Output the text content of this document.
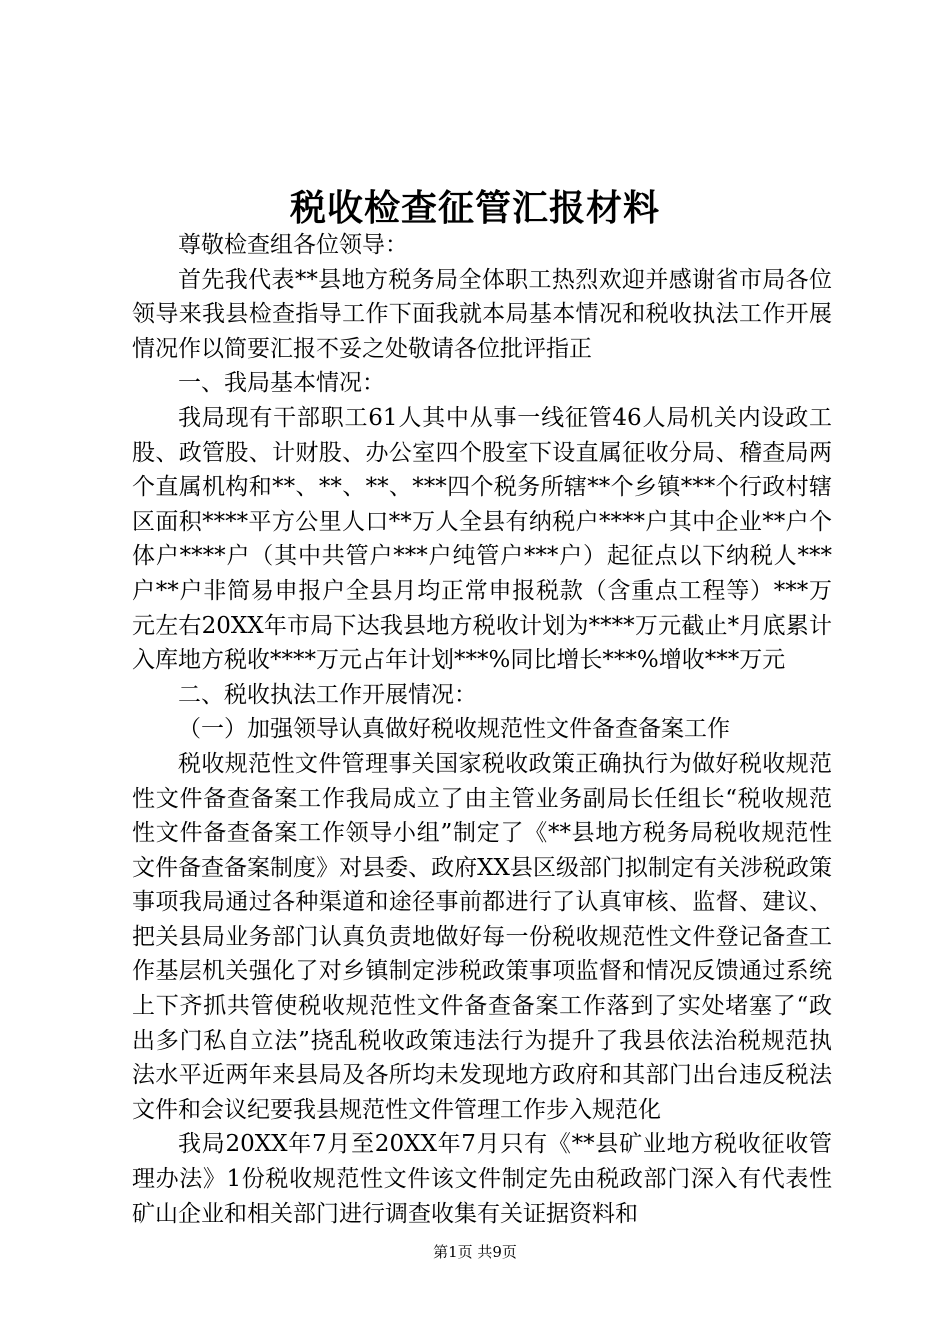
税收检查征管汇报材料

尊敬检查组各位领导：

首先我代表**县地方税务局全体职工热烈欢迎并感谢省市局各位领导来我县检查指导工作下面我就本局基本情况和税收执法工作开展情况作以简要汇报不妥之处敬请各位批评指正

一、我局基本情况：

我局现有干部职工61人其中从事一线征管46人局机关内设政工股、政管股、计财股、办公室四个股室下设直属征收分局、稽查局两个直属机构和**、**、**、***四个税务所辖**个乡镇***个行政村辖区面积****平方公里人口**万人全县有纳税户****户其中企业**户个体户****户（其中共管户***户纯管户***户）起征点以下纳税人***户**户非简易申报户全县月均正常申报税款（含重点工程等）***万元左右20XX年市局下达我县地方税收计划为****万元截止*月底累计入库地方税收****万元占年计划***%同比增长***%增收***万元

二、税收执法工作开展情况：

（一）加强领导认真做好税收规范性文件备查备案工作

税收规范性文件管理事关国家税收政策正确执行为做好税收规范性文件备查备案工作我局成立了由主管业务副局长任组长“税收规范性文件备查备案工作领导小组”制定了《**县地方税务局税收规范性文件备查备案制度》对县委、政府XX县区级部门拟制定有关涉税政策事项我局通过各种渠道和途径事前都进行了认真审核、监督、建议、把关县局业务部门认真负责地做好每一份税收规范性文件登记备查工作基层机关强化了对乡镇制定涉税政策事项监督和情况反馈通过系统上下齐抓共管使税收规范性文件备查备案工作落到了实处堵塞了“政出多门私自立法”挠乱税收政策违法行为提升了我县依法治税规范执法水平近两年来县局及各所均未发现地方政府和其部门出台违反税法文件和会议纪要我县规范性文件管理工作步入规范化

我局20XX年7月至20XX年7月只有《**县矿业地方税收征收管理办法》1份税收规范性文件该文件制定先由税政部门深入有代表性矿山企业和相关部门进行调查收集有关证据资料和

第1页 共9页
